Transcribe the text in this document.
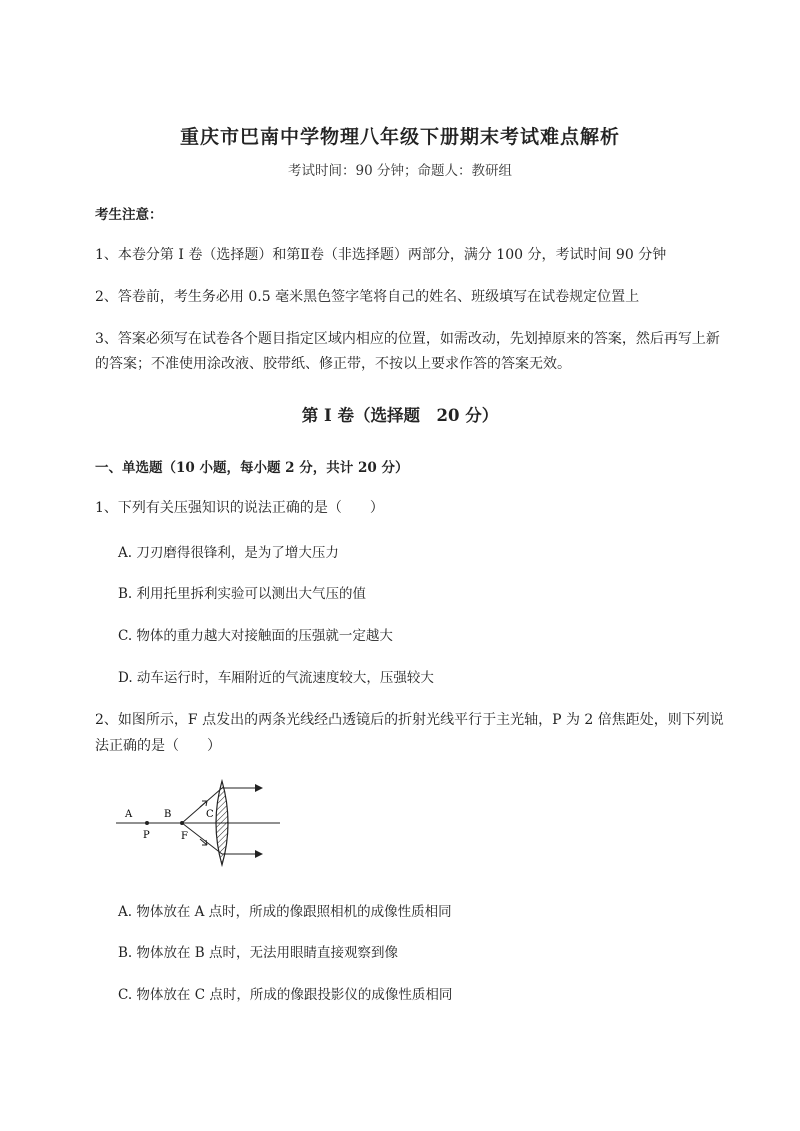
重庆市巴南中学物理八年级下册期末考试难点解析
考试时间：90 分钟；命题人：教研组
考生注意：
1、本卷分第 I 卷（选择题）和第Ⅱ卷（非选择题）两部分，满分 100 分，考试时间 90 分钟
2、答卷前，考生务必用 0.5 毫米黑色签字笔将自己的姓名、班级填写在试卷规定位置上
3、答案必须写在试卷各个题目指定区域内相应的位置，如需改动，先划掉原来的答案，然后再写上新
的答案；不准使用涂改液、胶带纸、修正带，不按以上要求作答的答案无效。
第 I 卷（选择题　20 分）
一、单选题（10 小题，每小题 2 分，共计 20 分）
1、下列有关压强知识的说法正确的是（　　）
A. 刀刃磨得很锋利，是为了增大压力
B. 利用托里拆利实验可以测出大气压的值
C. 物体的重力越大对接触面的压强就一定越大
D. 动车运行时，车厢附近的气流速度较大，压强较大
2、如图所示，F 点发出的两条光线经凸透镜后的折射光线平行于主光轴，P 为 2 倍焦距处，则下列说
法正确的是（　　）
A	B	C
P	F
A. 物体放在 A 点时，所成的像跟照相机的成像性质相同
B. 物体放在 B 点时，无法用眼睛直接观察到像
C. 物体放在 C 点时，所成的像跟投影仪的成像性质相同
